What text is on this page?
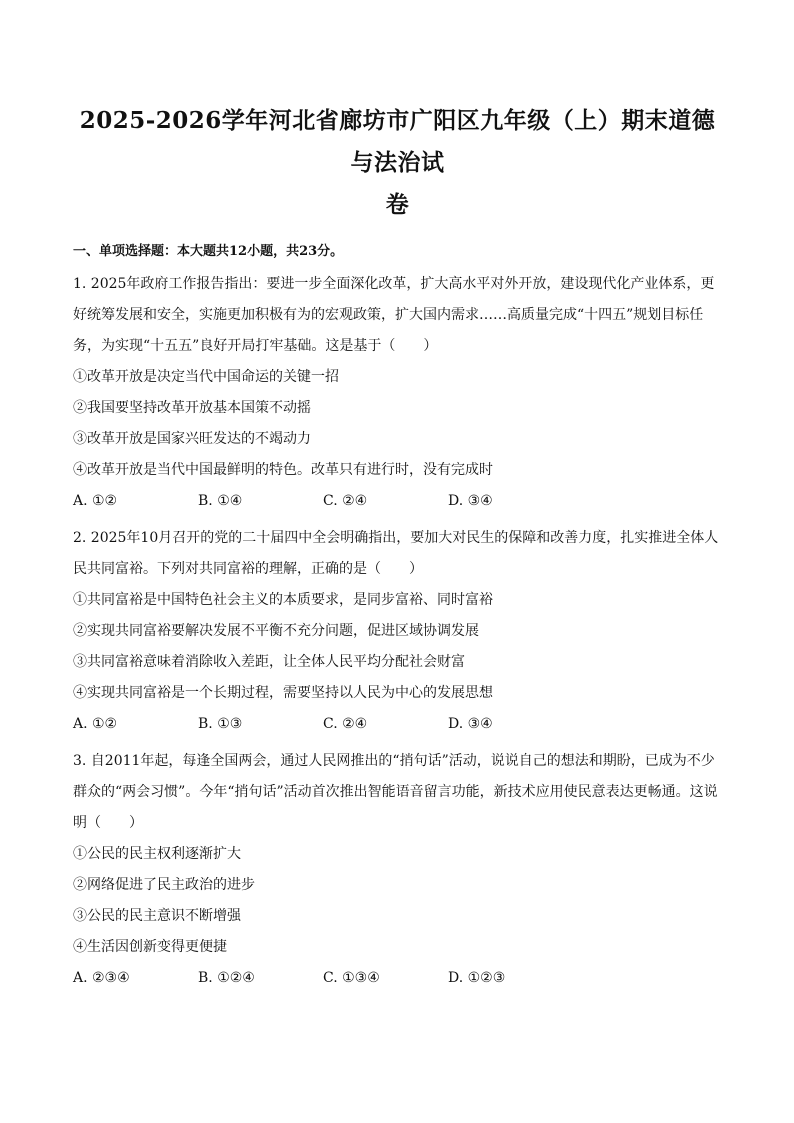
2025-2026学年河北省廊坊市广阳区九年级（上）期末道德与法治试
卷
一、单项选择题：本大题共12小题，共23分。
1. 2025年政府工作报告指出：要进一步全面深化改革，扩大高水平对外开放，建设现代化产业体系，更好统筹发展和安全，实施更加积极有为的宏观政策，扩大国内需求……高质量完成“十四五”规划目标任务，为实现“十五五”良好开局打牢基础。这是基于（　　）
①改革开放是决定当代中国命运的关键一招
②我国要坚持改革开放基本国策不动摇
③改革开放是国家兴旺发达的不竭动力
④改革开放是当代中国最鲜明的特色。改革只有进行时，没有完成时
A. ①②	B. ①④	C. ②④	D. ③④
2. 2025年10月召开的党的二十届四中全会明确指出，要加大对民生的保障和改善力度，扎实推进全体人民共同富裕。下列对共同富裕的理解，正确的是（　　）
①共同富裕是中国特色社会主义的本质要求，是同步富裕、同时富裕
②实现共同富裕要解决发展不平衡不充分问题，促进区域协调发展
③共同富裕意味着消除收入差距，让全体人民平均分配社会财富
④实现共同富裕是一个长期过程，需要坚持以人民为中心的发展思想
A. ①②	B. ①③	C. ②④	D. ③④
3. 自2011年起，每逢全国两会，通过人民网推出的“捎句话”活动，说说自己的想法和期盼，已成为不少群众的“两会习惯”。今年“捎句话”活动首次推出智能语音留言功能，新技术应用使民意表达更畅通。这说明（　　）
①公民的民主权利逐渐扩大
②网络促进了民主政治的进步
③公民的民主意识不断增强
④生活因创新变得更便捷
A. ②③④	B. ①②④	C. ①③④	D. ①②③
